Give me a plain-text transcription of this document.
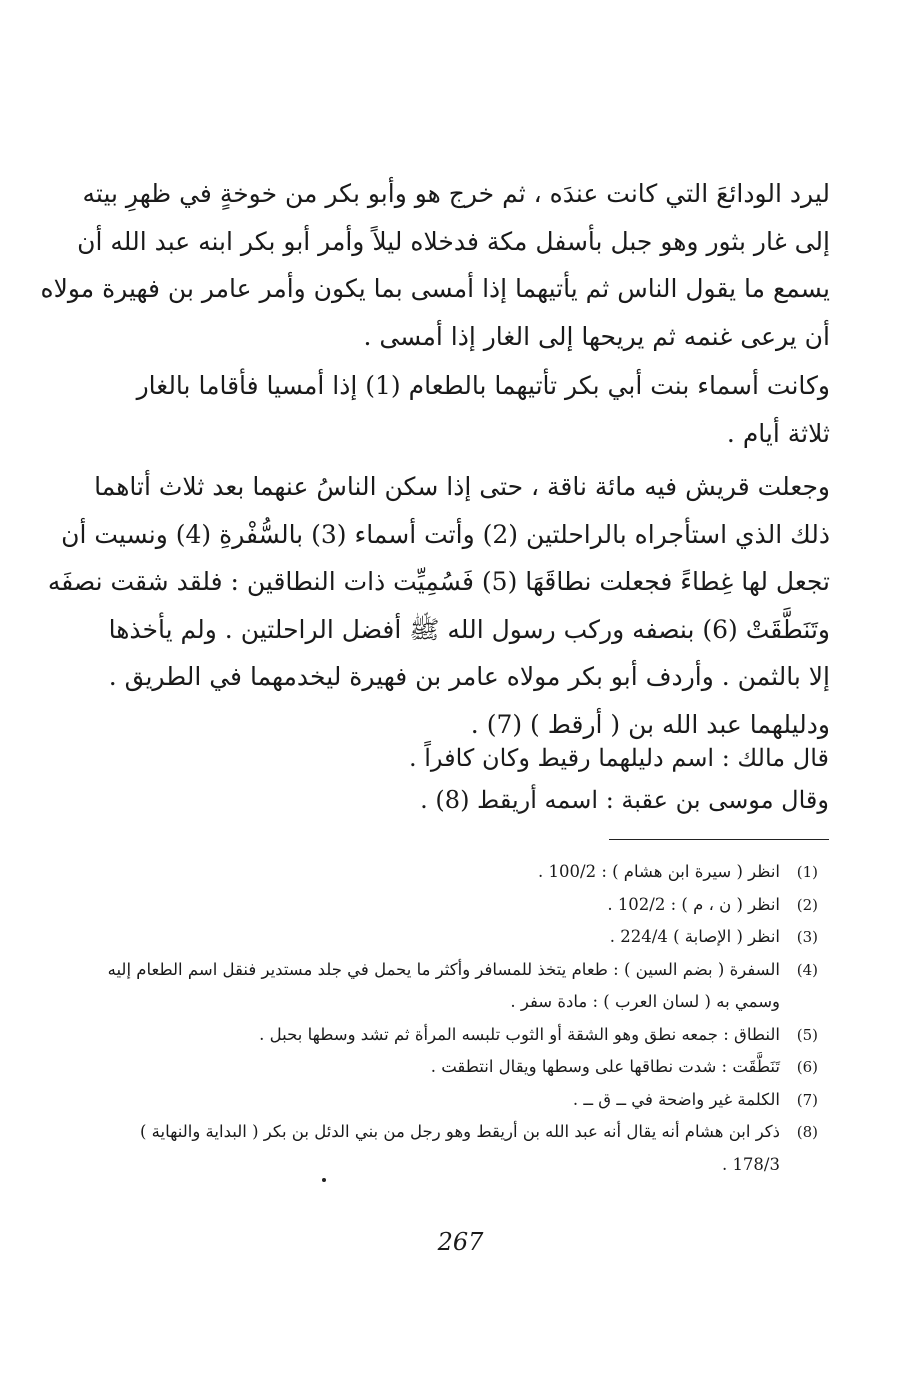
ليرد الودائعَ التي كانت عندَه ، ثم خرج هو وأبو بكر من خوخةٍ في ظهرِ بيته
إلى غار بثور وهو جبل بأسفل مكة فدخلاه ليلاً وأمر أبو بكر ابنه عبد الله أن
يسمع ما يقول الناس ثم يأتيهما إذا أمسى بما يكون وأمر عامر بن فهيرة مولاه
أن يرعى غنمه ثم يريحها إلى الغار إذا أمسى .
وكانت أسماء بنت أبي بكر تأتيهما بالطعام (1) إذا أمسيا فأقاما بالغار
ثلاثة أيام .
وجعلت قريش فيه مائة ناقة ، حتى إذا سكن الناسُ عنهما بعد ثلاث أتاهما
ذلك الذي استأجراه بالراحلتين (2) وأتت أسماء (3) بالسُّفْرةِ (4) ونسيت أن
تجعل لها غِطاءً فجعلت نطاقَهَا (5) فَسُمِيِّت ذات النطاقين : فلقد شقت نصفَه
وتَنَطَّقَتْ (6) بنصفه وركب رسول الله ﷺ أفضل الراحلتين . ولم يأخذها
إلا بالثمن . وأردف أبو بكر مولاه عامر بن فهيرة ليخدمهما في الطريق .
ودليلهما عبد الله بن ( أرقط ) (7) .
قال مالك : اسم دليلهما رقيط وكان كافراً .
وقال موسى بن عقبة : اسمه أريقط (8) .
(1)
انظر ( سيرة ابن هشام ) : 100/2 .
(2)
انظر ( ن ، م ) : 102/2 .
(3)
انظر ( الإصابة ) 224/4 .
(4)
السفرة ( بضم السين ) : طعام يتخذ للمسافر وأكثر ما يحمل في جلد مستدير فنقل اسم الطعام إليه
وسمي به ( لسان العرب ) : مادة سفر .
(5)
النطاق : جمعه نطق وهو الشقة أو الثوب تلبسه المرأة ثم تشد وسطها بحبل .
(6)
تَنَطَّقَت : شدت نطاقها على وسطها ويقال انتطقت .
(7)
الكلمة غير واضحة في ــ ق ــ .
(8)
ذكر ابن هشام أنه يقال أنه عبد الله بن أريقط وهو رجل من بني الدئل بن بكر ( البداية والنهاية )
178/3 .
267
